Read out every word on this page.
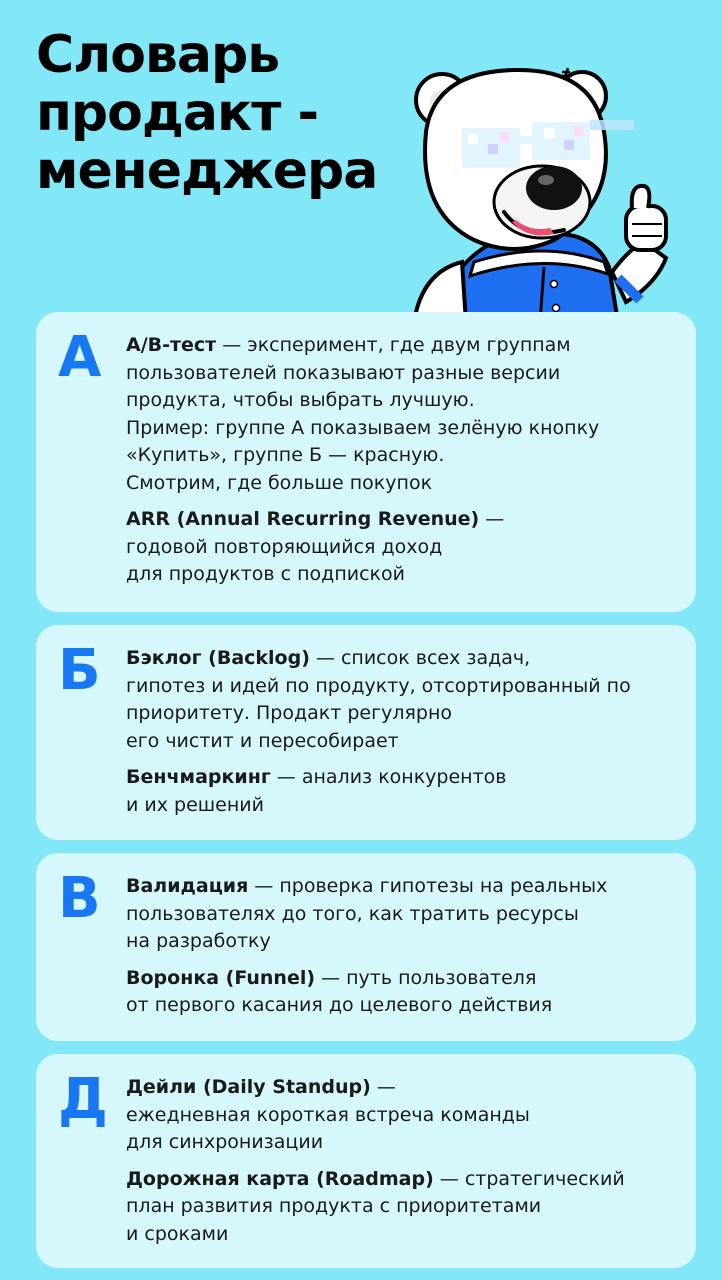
Словарь
продакт -
менеджера
А A/B-тест — эксперимент, где двум группам
пользователей показывают разные версии
продукта, чтобы выбрать лучшую.
Пример: группе А показываем зелёную кнопку
«Купить», группе Б — красную.
Смотрим, где больше покупок
ARR (Annual Recurring Revenue) —
годовой повторяющийся доход
для продуктов с подпиской
Б Бэклог (Backlog) — список всех задач,
гипотез и идей по продукту, отсортированный по
приоритету. Продакт регулярно
его чистит и пересобирает
Бенчмаркинг — анализ конкурентов
и их решений
В Валидация — проверка гипотезы на реальных
пользователях до того, как тратить ресурсы
на разработку
Воронка (Funnel) — путь пользователя
от первого касания до целевого действия
Д Дейли (Daily Standup) —
ежедневная короткая встреча команды
для синхронизации
Дорожная карта (Roadmap) — стратегический
план развития продукта с приоритетами
и сроками
